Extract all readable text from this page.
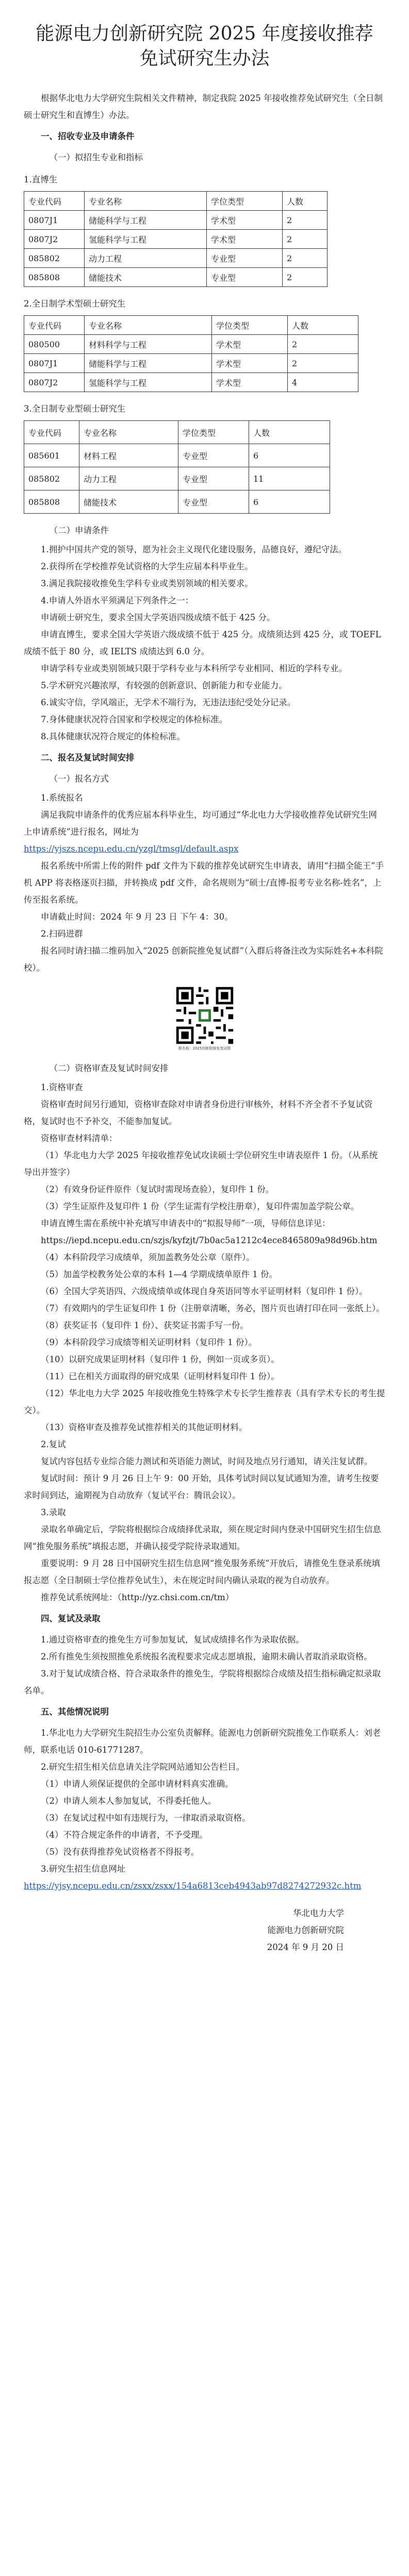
能源电力创新研究院 2025 年度接收推荐
免试研究生办法

根据华北电力大学研究生院相关文件精神，制定我院 2025 年接收推荐免试研究生（全日制硕士研究生和直博生）办法。

一、招收专业及申请条件

（一）拟招生专业和指标

1.直博生

专业代码	专业名称	学位类型	人数
0807J1	储能科学与工程	学术型	2
0807J2	氢能科学与工程	学术型	2
085802	动力工程	专业型	2
085808	储能技术	专业型	2

2.全日制学术型硕士研究生

专业代码	专业名称	学位类型	人数
080500	材料科学与工程	学术型	2
0807J1	储能科学与工程	学术型	2
0807J2	氢能科学与工程	学术型	4

3.全日制专业型硕士研究生

专业代码	专业名称	学位类型	人数
085601	材料工程	专业型	6
085802	动力工程	专业型	11
085808	储能技术	专业型	6

（二）申请条件

1.拥护中国共产党的领导，愿为社会主义现代化建设服务，品德良好，遵纪守法。

2.获得所在学校推荐免试资格的大学生应届本科毕业生。

3.满足我院接收推免生学科专业或类别领域的相关要求。

4.申请人外语水平须满足下列条件之一：

申请硕士研究生，要求全国大学英语四级成绩不低于 425 分。

申请直博生，要求全国大学英语六级成绩不低于 425 分。成绩须达到 425 分，或 TOEFL 成绩不低于 80 分，或 IELTS 成绩达到 6.0 分。

申请学科专业或类别领域只限于学科专业与本科所学专业相同、相近的学科专业。

5.学术研究兴趣浓厚，有较强的创新意识、创新能力和专业能力。

6.诚实守信，学风端正，无学术不端行为，无违法违纪受处分记录。

7.身体健康状况符合国家和学校规定的体检标准。

8.具体健康状况符合规定的体检标准。

二、报名及复试时间安排

（一）报名方式

1.系统报名

满足我院申请条件的优秀应届本科毕业生，均可通过“华北电力大学接收推荐免试研究生网上申请系统”进行报名，网址为

https://yjszs.ncepu.edu.cn/yzgl/tmsgl/default.aspx

报名系统中所需上传的附件 pdf 文件为下载的推荐免试研究生申请表，请用“扫描全能王”手机 APP 将表格逐页扫描，并转换成 pdf 文件，命名规则为“硕士/直博-报考专业名称-姓名”，上传至报名系统。

申请截止时间：2024 年 9 月 23 日 下午 4：30。

2.扫码进群

报名同时请扫描二维码加入“2025 创新院推免复试群”（入群后将备注改为实际姓名+本科院校）。

群名称：2025创新院推免复试群

（二）资格审查及复试时间安排

1.资格审查

资格审查时间另行通知，资格审查除对申请者身份进行审核外，材料不齐全者不予复试资格，复试时也不予补交，不能参加复试。

资格审查材料清单：

（1）华北电力大学 2025 年接收推荐免试攻读硕士学位研究生申请表原件 1 份。（从系统导出并签字）

（2）有效身份证件原件（复试时需现场查验），复印件 1 份。

（3）学生证原件及复印件 1 份（学生证需有学校注册章），复印件需加盖学院公章。

申请直博生需在系统中补充填写申请表中的“拟报导师”一项，导师信息详见：

https://iepd.ncepu.edu.cn/szjs/kyfzjt/7b0ac5a1212c4ece8465809a98d96b.htm

（4）本科阶段学习成绩单，须加盖教务处公章（原件）。

（5）加盖学校教务处公章的本科 1—4 学期成绩单原件 1 份。

（6）全国大学英语四、六级成绩单或体现自身英语同等水平证明材料（复印件 1 份）。

（7）有效期内的学生证复印件 1 份（注册章清晰，务必，图片页也请打印在同一张纸上）。

（8）获奖证书（复印件 1 份）、获奖证书需手写一份。

（9）本科阶段学习成绩等相关证明材料（复印件 1 份）。

（10）以研究成果证明材料（复印件 1 份，例如一页或多页）。

（11）已在相关方面取得的研究成果（证明材料复印件 1 份）。

（12）华北电力大学 2025 年接收推免生特殊学术专长学生推荐表（具有学术专长的考生提交）。

（13）资格审查及推荐免试推荐相关的其他证明材料。

2.复试

复试内容包括专业综合能力测试和英语能力测试，时间及地点另行通知，请关注复试群。

复试时间：预计 9 月 26 日上午 9：00 开始，具体考试时间以复试通知为准，请考生按要求时间到达，逾期视为自动放弃（复试平台：腾讯会议）。

3.录取

录取名单确定后，学院将根据综合成绩择优录取，须在规定时间内登录中国研究生招生信息网“推免服务系统”填报志愿，并确认接受学院待录取通知。

重要说明：9 月 28 日中国研究生招生信息网“推免服务系统”开放后，请推免生登录系统填报志愿（全日制硕士学位推荐免试生），未在规定时间内确认录取的视为自动放弃。

推荐免试系统网址：（http://yz.chsi.com.cn/tm）

四、复试及录取

1.通过资格审查的推免生方可参加复试，复试成绩排名作为录取依据。

2.所有推免生须按照推免系统报名流程要求完成志愿填报，逾期未确认者取消录取资格。

3.对于复试成绩合格、符合录取条件的推免生，学院将根据综合成绩及招生指标确定拟录取名单。

五、其他情况说明

1.华北电力大学研究生院招生办公室负责解释。能源电力创新研究院推免工作联系人：刘老师，联系电话 010-61771287。

2.研究生招生相关信息请关注学院网站通知公告栏目。

（1）申请人须保证提供的全部申请材料真实准确。

（2）申请人须本人参加复试，不得委托他人。

（3）在复试过程中如有违规行为，一律取消录取资格。

（4）不符合规定条件的申请者，不予受理。

（5）没有获得推荐免试资格者不得报考。

3.研究生招生信息网址

https://yjsy.ncepu.edu.cn/zsxx/zsxx/154a6813ceb4943ab97d8274272932c.htm

华北电力大学

能源电力创新研究院

2024 年 9 月 20 日
